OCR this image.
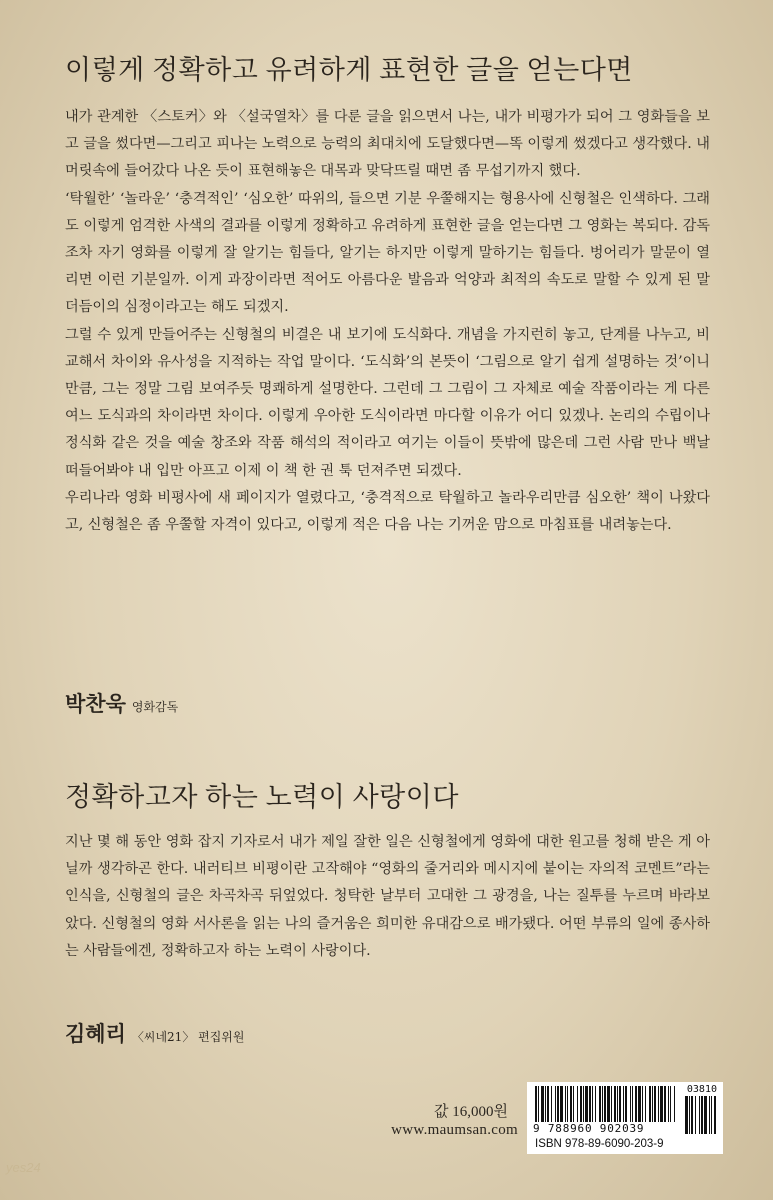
이렇게 정확하고 유려하게 표현한 글을 얻는다면

내가 관계한 〈스토커〉와 〈설국열차〉를 다룬 글을 읽으면서 나는, 내가 비평가가 되어 그 영화들을 보고 글을 썼다면—그리고 피나는 노력으로 능력의 최대치에 도달했다면—똑 이렇게 썼겠다고 생각했다. 내 머릿속에 들어갔다 나온 듯이 표현해놓은 대목과 맞닥뜨릴 때면 좀 무섭기까지 했다.
‘탁월한’ ‘놀라운’ ‘충격적인’ ‘심오한’ 따위의, 들으면 기분 우쭐해지는 형용사에 신형철은 인색하다. 그래도 이렇게 엄격한 사색의 결과를 이렇게 정확하고 유려하게 표현한 글을 얻는다면 그 영화는 복되다. 감독조차 자기 영화를 이렇게 잘 알기는 힘들다, 알기는 하지만 이렇게 말하기는 힘들다. 벙어리가 말문이 열리면 이런 기분일까. 이게 과장이라면 적어도 아름다운 발음과 억양과 최적의 속도로 말할 수 있게 된 말더듬이의 심정이라고는 해도 되겠지.
그럴 수 있게 만들어주는 신형철의 비결은 내 보기에 도식화다. 개념을 가지런히 놓고, 단계를 나누고, 비교해서 차이와 유사성을 지적하는 작업 말이다. ‘도식화’의 본뜻이 ‘그림으로 알기 쉽게 설명하는 것’이니만큼, 그는 정말 그림 보여주듯 명쾌하게 설명한다. 그런데 그 그림이 그 자체로 예술 작품이라는 게 다른 여느 도식과의 차이라면 차이다. 이렇게 우아한 도식이라면 마다할 이유가 어디 있겠나. 논리의 수립이나 정식화 같은 것을 예술 창조와 작품 해석의 적이라고 여기는 이들이 뜻밖에 많은데 그런 사람 만나 백날 떠들어봐야 내 입만 아프고 이제 이 책 한 권 툭 던져주면 되겠다.
우리나라 영화 비평사에 새 페이지가 열렸다고, ‘충격적으로 탁월하고 놀라우리만큼 심오한’ 책이 나왔다고, 신형철은 좀 우쭐할 자격이 있다고, 이렇게 적은 다음 나는 기꺼운 맘으로 마침표를 내려놓는다.

박찬욱 영화감독
정확하고자 하는 노력이 사랑이다

지난 몇 해 동안 영화 잡지 기자로서 내가 제일 잘한 일은 신형철에게 영화에 대한 원고를 청해 받은 게 아닐까 생각하곤 한다. 내러티브 비평이란 고작해야 “영화의 줄거리와 메시지에 붙이는 자의적 코멘트”라는 인식을, 신형철의 글은 차곡차곡 뒤엎었다. 청탁한 날부터 고대한 그 광경을, 나는 질투를 누르며 바라보았다. 신형철의 영화 서사론을 읽는 나의 즐거움은 희미한 유대감으로 배가됐다. 어떤 부류의 일에 종사하는 사람들에겐, 정확하고자 하는 노력이 사랑이다.

김혜리 〈씨네21〉 편집위원
값 16,000원
www.maumsan.com
03810
9 788960 902039
ISBN 978-89-6090-203-9
yes24
